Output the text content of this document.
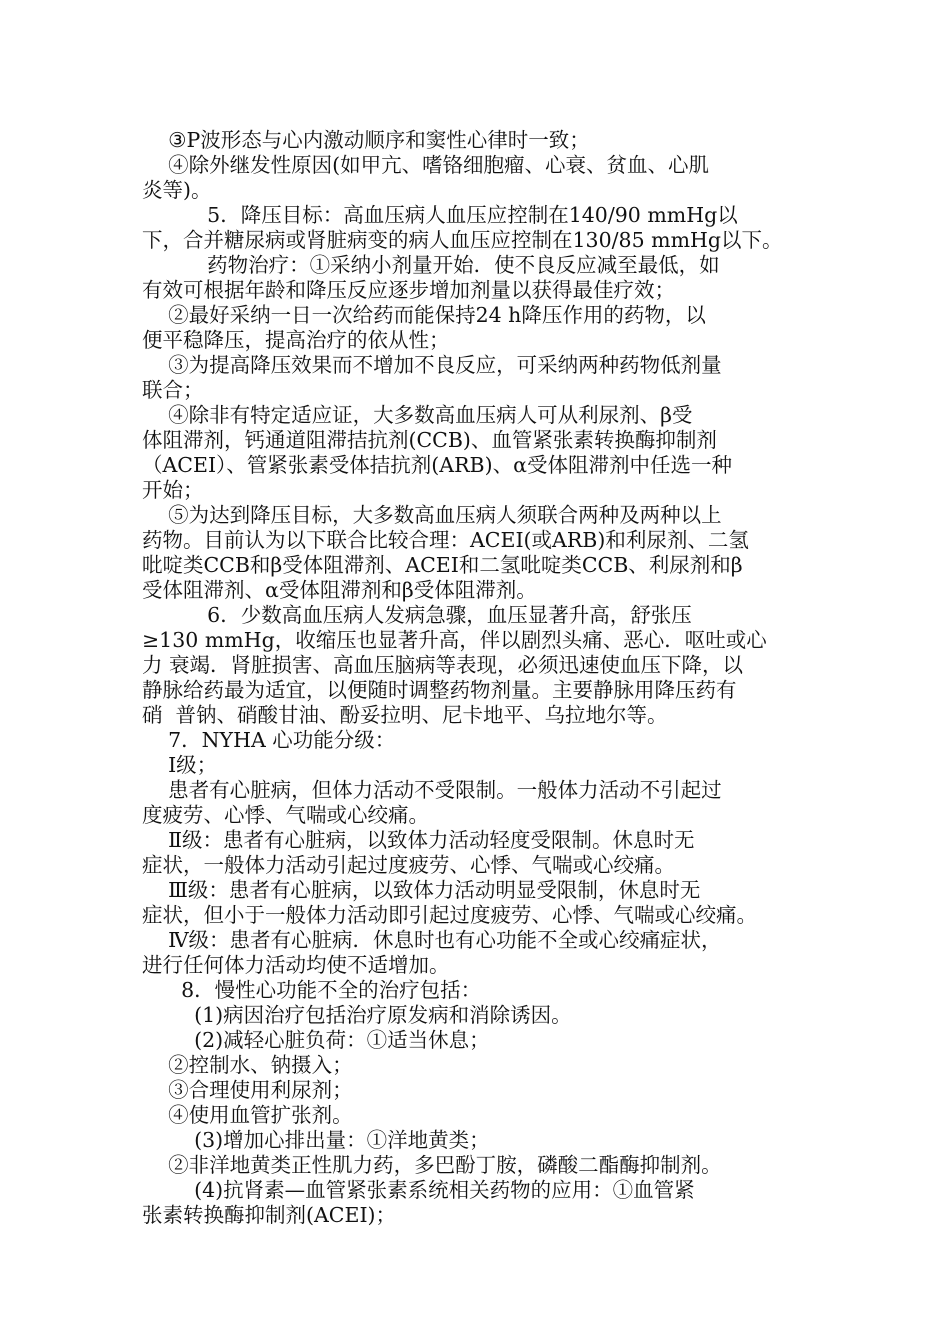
③P波形态与心内激动顺序和窦性心律时一致；
④除外继发性原因(如甲亢、嗜铬细胞瘤、心衰、贫血、心肌
炎等)。
5．降压目标：高血压病人血压应控制在140/90 mmHg以
下，合并糖尿病或肾脏病变的病人血压应控制在130/85 mmHg以下。
药物治疗：①采纳小剂量开始．使不良反应减至最低，如
有效可根据年龄和降压反应逐步增加剂量以获得最佳疗效；
②最好采纳一日一次给药而能保持24 h降压作用的药物，以
便平稳降压，提高治疗的依从性；
③为提高降压效果而不增加不良反应，可采纳两种药物低剂量
联合；
④除非有特定适应证，大多数高血压病人可从利尿剂、β受
体阻滞剂，钙通道阻滞拮抗剂(CCB)、血管紧张素转换酶抑制剂
（ACEI）、管紧张素受体拮抗剂(ARB)、α受体阻滞剂中任选一种
开始；
⑤为达到降压目标，大多数高血压病人须联合两种及两种以上
药物。目前认为以下联合比较合理：ACEI(或ARB)和利尿剂、二氢
吡啶类CCB和β受体阻滞剂、ACEI和二氢吡啶类CCB、利尿剂和β
受体阻滞剂、α受体阻滞剂和β受体阻滞剂。
6．少数高血压病人发病急骤，血压显著升高，舒张压
≥130 mmHg，收缩压也显著升高，伴以剧烈头痛、恶心．呕吐或心
力 衰竭．肾脏损害、高血压脑病等表现，必须迅速使血压下降，以
静脉给药最为适宜，以便随时调整药物剂量。主要静脉用降压药有
硝  普钠、硝酸甘油、酚妥拉明、尼卡地平、乌拉地尔等。
7．NYHA 心功能分级：
Ⅰ级；
患者有心脏病，但体力活动不受限制。一般体力活动不引起过
度疲劳、心悸、气喘或心绞痛。
Ⅱ级：患者有心脏病，以致体力活动轻度受限制。休息时无
症状，一般体力活动引起过度疲劳、心悸、气喘或心绞痛。
Ⅲ级：患者有心脏病，以致体力活动明显受限制，休息时无
症状，但小于一般体力活动即引起过度疲劳、心悸、气喘或心绞痛。
Ⅳ级：患者有心脏病．休息时也有心功能不全或心绞痛症状，
进行任何体力活动均使不适增加。
8．慢性心功能不全的治疗包括：
(1)病因治疗包括治疗原发病和消除诱因。
(2)减轻心脏负荷：①适当休息；
②控制水、钠摄入；
③合理使用利尿剂；
④使用血管扩张剂。
(3)增加心排出量：①洋地黄类；
②非洋地黄类正性肌力药，多巴酚丁胺，磷酸二酯酶抑制剂。
(4)抗肾素—血管紧张素系统相关药物的应用：①血管紧
张素转换酶抑制剂(ACEI)；
